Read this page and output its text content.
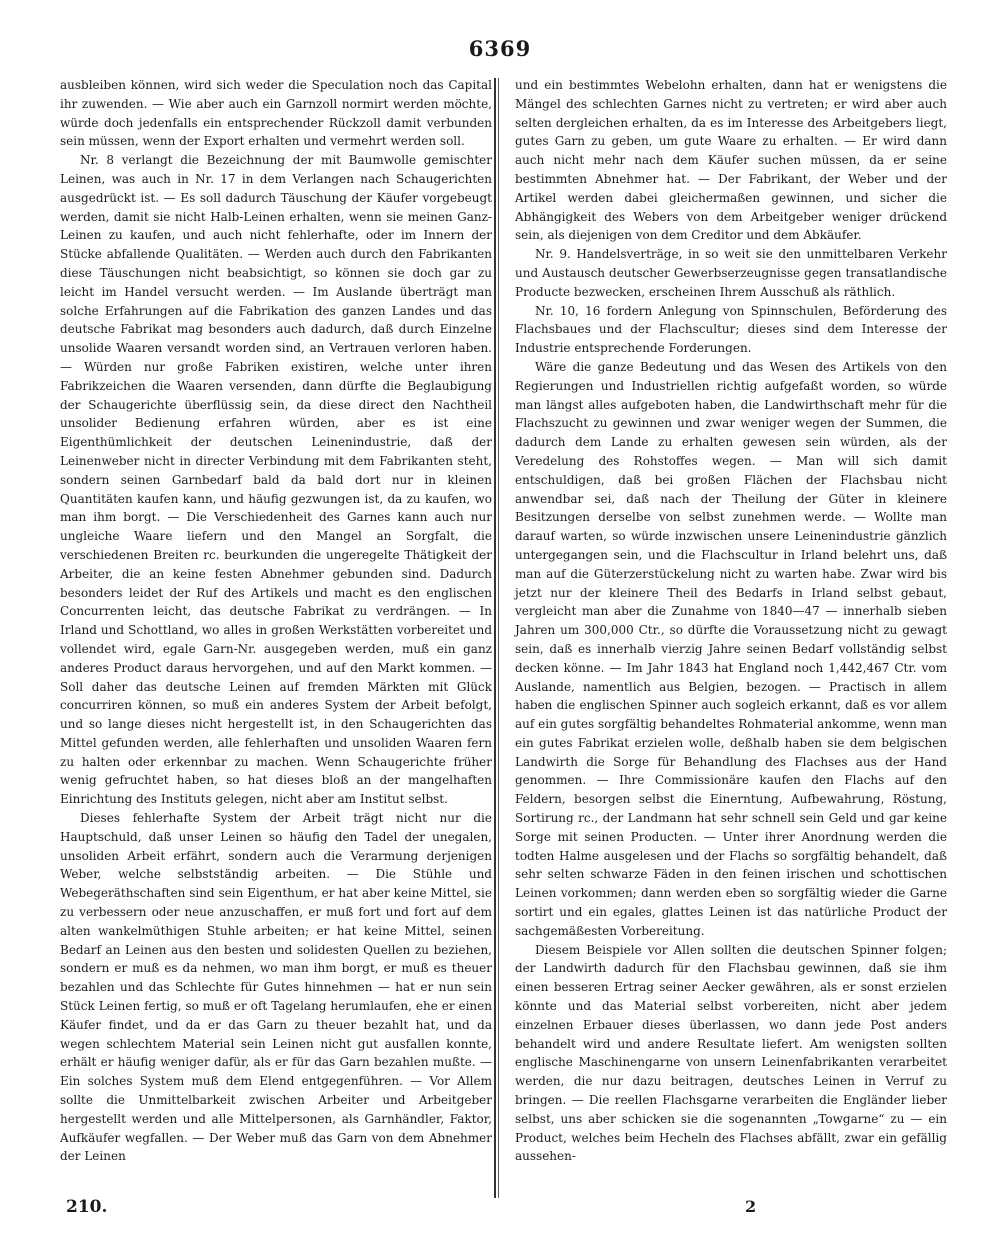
6369

ausbleiben können, wird sich weder die Speculation noch das Capital ihr zuwenden. — Wie aber auch ein Garnzoll normirt werden möchte, würde doch jedenfalls ein entsprechender Rückzoll damit verbunden sein müssen, wenn der Export erhalten und vermehrt werden soll.

Nr. 8 verlangt die Bezeichnung der mit Baumwolle gemischter Leinen, was auch in Nr. 17 in dem Verlangen nach Schaugerichten ausgedrückt ist. — Es soll dadurch Täuschung der Käufer vorgebeugt werden, damit sie nicht Halb-Leinen erhalten, wenn sie meinen Ganz-Leinen zu kaufen, und auch nicht fehlerhafte, oder im Innern der Stücke abfallende Qualitäten. — Werden auch durch den Fabrikanten diese Täuschungen nicht beabsichtigt, so können sie doch gar zu leicht im Handel versucht werden. — Im Auslande überträgt man solche Erfahrungen auf die Fabrikation des ganzen Landes und das deutsche Fabrikat mag besonders auch dadurch, daß durch Einzelne unsolide Waaren versandt worden sind, an Vertrauen verloren haben. — Würden nur große Fabriken existiren, welche unter ihren Fabrikzeichen die Waaren versenden, dann dürfte die Beglaubigung der Schaugerichte überflüssig sein, da diese direct den Nachtheil unsolider Bedienung erfahren würden, aber es ist eine Eigenthümlichkeit der deutschen Leinenindustrie, daß der Leinenweber nicht in directer Verbindung mit dem Fabrikanten steht, sondern seinen Garnbedarf bald da bald dort nur in kleinen Quantitäten kaufen kann, und häufig gezwungen ist, da zu kaufen, wo man ihm borgt. — Die Verschiedenheit des Garnes kann auch nur ungleiche Waare liefern und den Mangel an Sorgfalt, die verschiedenen Breiten rc. beurkunden die ungeregelte Thätigkeit der Arbeiter, die an keine festen Abnehmer gebunden sind. Dadurch besonders leidet der Ruf des Artikels und macht es den englischen Concurrenten leicht, das deutsche Fabrikat zu verdrängen. — In Irland und Schottland, wo alles in großen Werkstätten vorbereitet und vollendet wird, egale Garn-Nr. ausgegeben werden, muß ein ganz anderes Product daraus hervorgehen, und auf den Markt kommen. — Soll daher das deutsche Leinen auf fremden Märkten mit Glück concurriren können, so muß ein anderes System der Arbeit befolgt, und so lange dieses nicht hergestellt ist, in den Schaugerichten das Mittel gefunden werden, alle fehlerhaften und unsoliden Waaren fern zu halten oder erkennbar zu machen. Wenn Schaugerichte früher wenig gefruchtet haben, so hat dieses bloß an der mangelhaften Einrichtung des Instituts gelegen, nicht aber am Institut selbst.

Dieses fehlerhafte System der Arbeit trägt nicht nur die Hauptschuld, daß unser Leinen so häufig den Tadel der unegalen, unsoliden Arbeit erfährt, sondern auch die Verarmung derjenigen Weber, welche selbstständig arbeiten. — Die Stühle und Webegeräthschaften sind sein Eigenthum, er hat aber keine Mittel, sie zu verbessern oder neue anzuschaffen, er muß fort und fort auf dem alten wankelmüthigen Stuhle arbeiten; er hat keine Mittel, seinen Bedarf an Leinen aus den besten und solidesten Quellen zu beziehen, sondern er muß es da nehmen, wo man ihm borgt, er muß es theuer bezahlen und das Schlechte für Gutes hinnehmen — hat er nun sein Stück Leinen fertig, so muß er oft Tagelang herumlaufen, ehe er einen Käufer findet, und da er das Garn zu theuer bezahlt hat, und da wegen schlechtem Material sein Leinen nicht gut ausfallen konnte, erhält er häufig weniger dafür, als er für das Garn bezahlen mußte. — Ein solches System muß dem Elend entgegenführen. — Vor Allem sollte die Unmittelbarkeit zwischen Arbeiter und Arbeitgeber hergestellt werden und alle Mittelpersonen, als Garnhändler, Faktor, Aufkäufer wegfallen. — Der Weber muß das Garn von dem Abnehmer der Leinen

und ein bestimmtes Webelohn erhalten, dann hat er wenigstens die Mängel des schlechten Garnes nicht zu vertreten; er wird aber auch selten dergleichen erhalten, da es im Interesse des Arbeitgebers liegt, gutes Garn zu geben, um gute Waare zu erhalten. — Er wird dann auch nicht mehr nach dem Käufer suchen müssen, da er seine bestimmten Abnehmer hat. — Der Fabrikant, der Weber und der Artikel werden dabei gleichermaßen gewinnen, und sicher die Abhängigkeit des Webers von dem Arbeitgeber weniger drückend sein, als diejenigen von dem Creditor und dem Abkäufer.

Nr. 9. Handelsverträge, in so weit sie den unmittelbaren Verkehr und Austausch deutscher Gewerbserzeugnisse gegen transatlandische Producte bezwecken, erscheinen Ihrem Ausschuß als räthlich.

Nr. 10, 16 fordern Anlegung von Spinnschulen, Beförderung des Flachsbaues und der Flachscultur; dieses sind dem Interesse der Industrie entsprechende Forderungen.

Wäre die ganze Bedeutung und das Wesen des Artikels von den Regierungen und Industriellen richtig aufgefaßt worden, so würde man längst alles aufgeboten haben, die Landwirthschaft mehr für die Flachszucht zu gewinnen und zwar weniger wegen der Summen, die dadurch dem Lande zu erhalten gewesen sein würden, als der Veredelung des Rohstoffes wegen. — Man will sich damit entschuldigen, daß bei großen Flächen der Flachsbau nicht anwendbar sei, daß nach der Theilung der Güter in kleinere Besitzungen derselbe von selbst zunehmen werde. — Wollte man darauf warten, so würde inzwischen unsere Leinenindustrie gänzlich untergegangen sein, und die Flachscultur in Irland belehrt uns, daß man auf die Güterzerstückelung nicht zu warten habe. Zwar wird bis jetzt nur der kleinere Theil des Bedarfs in Irland selbst gebaut, vergleicht man aber die Zunahme von 1840—47 — innerhalb sieben Jahren um 300,000 Ctr., so dürfte die Voraussetzung nicht zu gewagt sein, daß es innerhalb vierzig Jahre seinen Bedarf vollständig selbst decken könne. — Im Jahr 1843 hat England noch 1,442,467 Ctr. vom Auslande, namentlich aus Belgien, bezogen. — Practisch in allem haben die englischen Spinner auch sogleich erkannt, daß es vor allem auf ein gutes sorgfältig behandeltes Rohmaterial ankomme, wenn man ein gutes Fabrikat erzielen wolle, deßhalb haben sie dem belgischen Landwirth die Sorge für Behandlung des Flachses aus der Hand genommen. — Ihre Commissionäre kaufen den Flachs auf den Feldern, besorgen selbst die Einerntung, Aufbewahrung, Röstung, Sortirung rc., der Landmann hat sehr schnell sein Geld und gar keine Sorge mit seinen Producten. — Unter ihrer Anordnung werden die todten Halme ausgelesen und der Flachs so sorgfältig behandelt, daß sehr selten schwarze Fäden in den feinen irischen und schottischen Leinen vorkommen; dann werden eben so sorgfältig wieder die Garne sortirt und ein egales, glattes Leinen ist das natürliche Product der sachgemäßesten Vorbereitung.

Diesem Beispiele vor Allen sollten die deutschen Spinner folgen; der Landwirth dadurch für den Flachsbau gewinnen, daß sie ihm einen besseren Ertrag seiner Aecker gewähren, als er sonst erzielen könnte und das Material selbst vorbereiten, nicht aber jedem einzelnen Erbauer dieses überlassen, wo dann jede Post anders behandelt wird und andere Resultate liefert. Am wenigsten sollten englische Maschinengarne von unsern Leinenfabrikanten verarbeitet werden, die nur dazu beitragen, deutsches Leinen in Verruf zu bringen. — Die reellen Flachsgarne verarbeiten die Engländer lieber selbst, uns aber schicken sie die sogenannten „Towgarne“ zu — ein Product, welches beim Hecheln des Flachses abfällt, zwar ein gefällig aussehen-

210.	2
